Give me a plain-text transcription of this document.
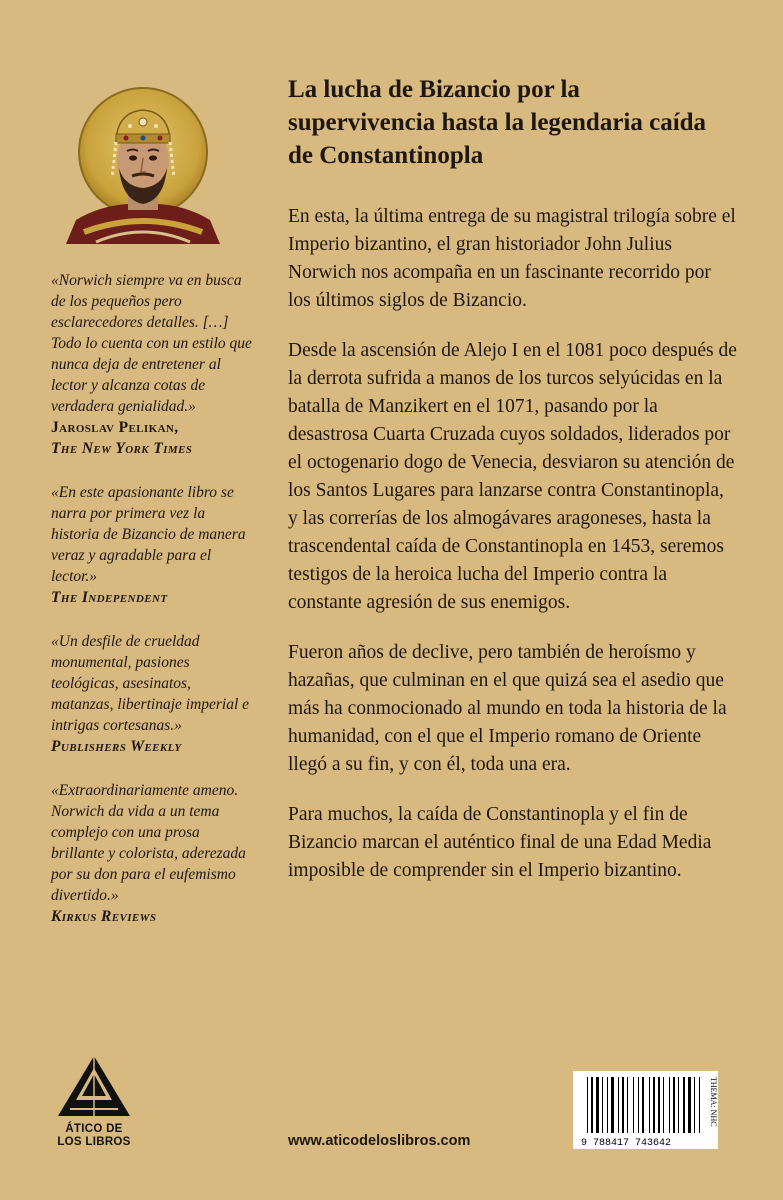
«Norwich siempre va en busca de los pequeños pero esclarecedores detalles. […] Todo lo cuenta con un estilo que nunca deja de entretener al lector y alcanza cotas de verdadera genialidad.»
Jaroslav Pelikan,
The New York Times
«En este apasionante libro se narra por primera vez la historia de Bizancio de manera veraz y agradable para el lector.»
The Independent
«Un desfile de crueldad monumental, pasiones teológicas, asesinatos, matanzas, libertinaje imperial e intrigas cortesanas.»
Publishers Weekly
«Extraordinariamente ameno. Norwich da vida a un tema complejo con una prosa brillante y colorista, aderezada por su don para el eufemismo divertido.»
Kirkus Reviews
La lucha de Bizancio por la supervivencia hasta la legendaria caída de Constantinopla

En esta, la última entrega de su magistral trilogía sobre el Imperio bizantino, el gran historiador John Julius Norwich nos acompaña en un fascinante recorrido por los últimos siglos de Bizancio.

Desde la ascensión de Alejo I en el 1081 poco después de la derrota sufrida a manos de los turcos selyúcidas en la batalla de Manzikert en el 1071, pasando por la desastrosa Cuarta Cruzada cuyos soldados, liderados por el octogenario dogo de Venecia, desviaron su atención de los Santos Lugares para lanzarse contra Constantinopla, y las correrías de los almogávares aragoneses, hasta la trascendental caída de Constantinopla en 1453, seremos testigos de la heroica lucha del Imperio contra la constante agresión de sus enemigos.

Fueron años de declive, pero también de heroísmo y hazañas, que culminan en el que quizá sea el asedio que más ha conmocionado al mundo en toda la historia de la humanidad, con el que el Imperio romano de Oriente llegó a su fin, y con él, toda una era.

Para muchos, la caída de Constantinopla y el fin de Bizancio marcan el auténtico final de una Edad Media imposible de comprender sin el Imperio bizantino.

ÁTICO DE
LOS LIBROS	www.aticodeloslibros.com	9 788417 743642
THEMA: NHC
